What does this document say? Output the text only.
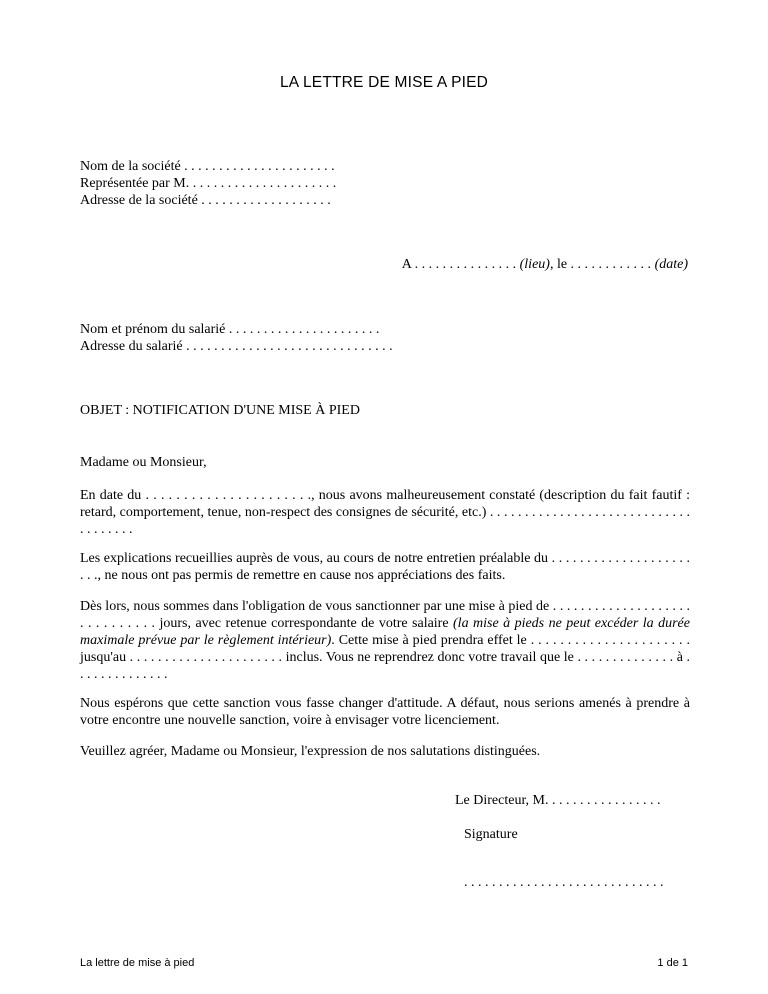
LA LETTRE DE MISE A PIED
Nom de la société . . . . . . . . . . . . . . . . . . . . . .
Représentée par M. . . . . . . . . . . . . . . . . . . . . .
Adresse de la société . . . . . . . . . . . . . . . . . . .
A . . . . . . . . . . . . . . . (lieu), le . . . . . . . . . . . . (date)
Nom et prénom du salarié . . . . . . . . . . . . . . . . . . . . . .
Adresse du salarié . . . . . . . . . . . . . . . . . . . . . . . . . . . . . .
OBJET : NOTIFICATION D'UNE MISE À PIED
Madame ou Monsieur,

En date du . . . . . . . . . . . . . . . . . . . . . ., nous avons malheureusement constaté (description du fait fautif : retard, comportement, tenue, non-respect des consignes de sécurité, etc.) . . . . . . . . . . . . . . . . . . . . . . . . . . . . . . . . . . . . .

Les explications recueillies auprès de vous, au cours de notre entretien préalable du . . . . . . . . . . . . . . . . . . . . . . ., ne nous ont pas permis de remettre en cause nos appréciations des faits.

Dès lors, nous sommes dans l'obligation de vous sanctionner par une mise à pied de . . . . . . . . . . . . . . . . . . . . . . . . . . . . . . jours, avec retenue correspondante de votre salaire (la mise à pieds ne peut excéder la durée maximale prévue par le règlement intérieur). Cette mise à pied prendra effet le . . . . . . . . . . . . . . . . . . . . . . jusqu'au . . . . . . . . . . . . . . . . . . . . . . inclus. Vous ne reprendrez donc votre travail que le . . . . . . . . . . . . . . à . . . . . . . . . . . . . .

Nous espérons que cette sanction vous fasse changer d'attitude. A défaut, nous serions amenés à prendre à votre encontre une nouvelle sanction, voire à envisager votre licenciement.

Veuillez agréer, Madame ou Monsieur, l'expression de nos salutations distinguées.

Le Directeur, M. . . . . . . . . . . . . . . . .
Signature
. . . . . . . . . . . . . . . . . . . . . . . . . . . . .
La lettre de mise à pied	1 de 1
